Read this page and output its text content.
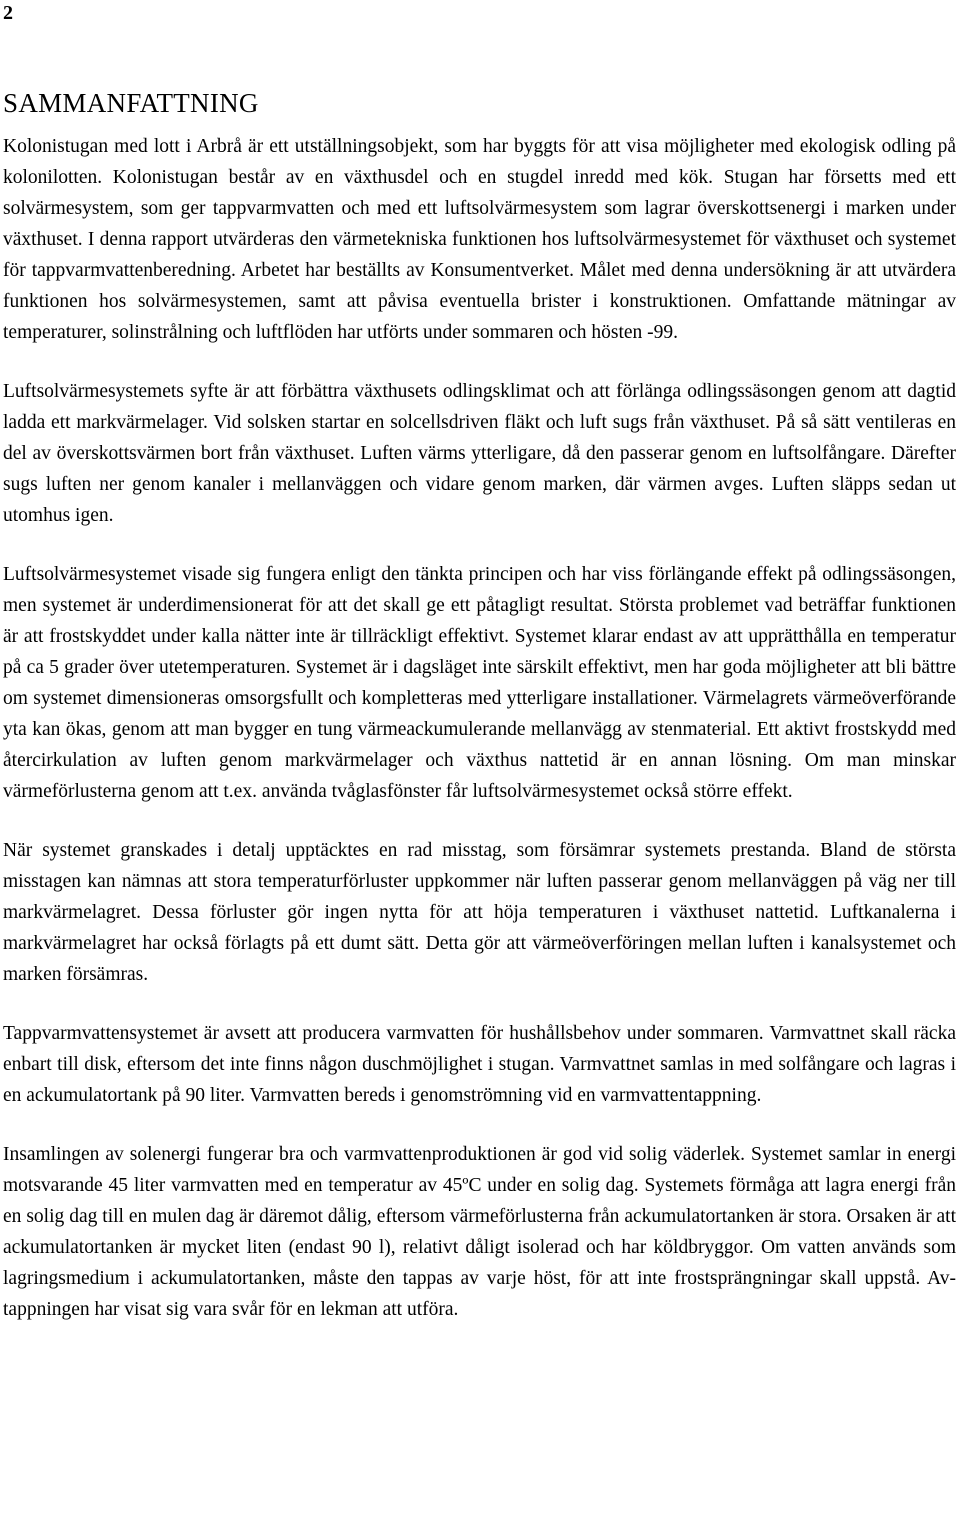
2
SAMMANFATTNING

Kolonistugan med lott i Arbrå är ett utställningsobjekt, som har byggts för att visa möjligheter med ekologisk odling på kolonilotten. Kolonistugan består av en växthusdel och en stugdel inredd med kök. Stugan har försetts med ett solvärmesystem, som ger tappvarmvatten och med ett luftsolvärmesystem som lagrar överskottsenergi i marken under växthuset. I denna rapport utvärderas den värmetekniska funktionen hos luftsolvärmesystemet för växthuset och systemet för tappvarmvattenberedning. Arbetet har beställts av Konsumentverket. Målet med denna undersökning är att utvärdera funktionen hos solvärmesystemen, samt att påvisa eventuella brister i konstruktionen. Omfattande mätningar av temperaturer, solinstrålning och luftflöden har utförts under sommaren och hösten -99.

Luftsolvärmesystemets syfte är att förbättra växthusets odlingsklimat och att förlänga odlingssäsongen genom att dagtid ladda ett markvärmelager. Vid solsken startar en solcellsdriven fläkt och luft sugs från växthuset. På så sätt ventileras en del av överskottsvärmen bort från växthuset. Luften värms ytterligare, då den passerar genom en luftsolfångare. Därefter sugs luften ner genom kanaler i mellanväggen och vidare genom marken, där värmen avges. Luften släpps sedan ut utomhus igen.

Luftsolvärmesystemet visade sig fungera enligt den tänkta principen och har viss förlängande effekt på odlingssäsongen, men systemet är underdimensionerat för att det skall ge ett påtagligt resultat. Största problemet vad beträffar funktionen är att frostskyddet under kalla nätter inte är tillräckligt effektivt. Systemet klarar endast av att upprätthålla en temperatur på ca 5 grader över utetemperaturen. Systemet är i dagsläget inte särskilt effektivt, men har goda möjligheter att bli bättre om systemet dimensioneras omsorgsfullt och kompletteras med ytterligare installationer. Värmelagrets värmeöverförande yta kan ökas, genom att man bygger en tung värmeackumulerande mellanvägg av stenmaterial. Ett aktivt frostskydd med återcirkulation av luften genom markvärmelager och växthus nattetid är en annan lösning. Om man minskar värmeförlusterna genom att t.ex. använda tvåglasfönster får luftsolvärmesystemet också större effekt.

När systemet granskades i detalj upptäcktes en rad misstag, som försämrar systemets prestanda. Bland de största misstagen kan nämnas att stora temperaturförluster uppkommer när luften passerar genom mellanväggen på väg ner till markvärmelagret. Dessa förluster gör ingen nytta för att höja temperaturen i växthuset nattetid. Luftkanalerna i markvärmelagret har också förlagts på ett dumt sätt. Detta gör att värmeöverföringen mellan luften i kanalsystemet och marken försämras.

Tappvarmvattensystemet är avsett att producera varmvatten för hushållsbehov under sommaren. Varmvattnet skall räcka enbart till disk, eftersom det inte finns någon duschmöjlighet i stugan. Varmvattnet samlas in med solfångare och lagras i en ackumulatortank på 90 liter. Varmvatten bereds i genomströmning vid en varmvattentappning.

Insamlingen av solenergi fungerar bra och varmvattenproduktionen är god vid solig väderlek. Systemet samlar in energi motsvarande 45 liter varmvatten med en temperatur av 45ºC under en solig dag. Systemets förmåga att lagra energi från en solig dag till en mulen dag är däremot dålig, eftersom värmeförlusterna från ackumulatortanken är stora. Orsaken är att ackumulatortanken är mycket liten (endast 90 l), relativt dåligt isolerad och har köldbryggor. Om vatten används som lagringsmedium i ackumulatortanken, måste den tappas av varje höst, för att inte frostsprängningar skall uppstå. Avtappningen har visat sig vara svår för en lekman att utföra.
